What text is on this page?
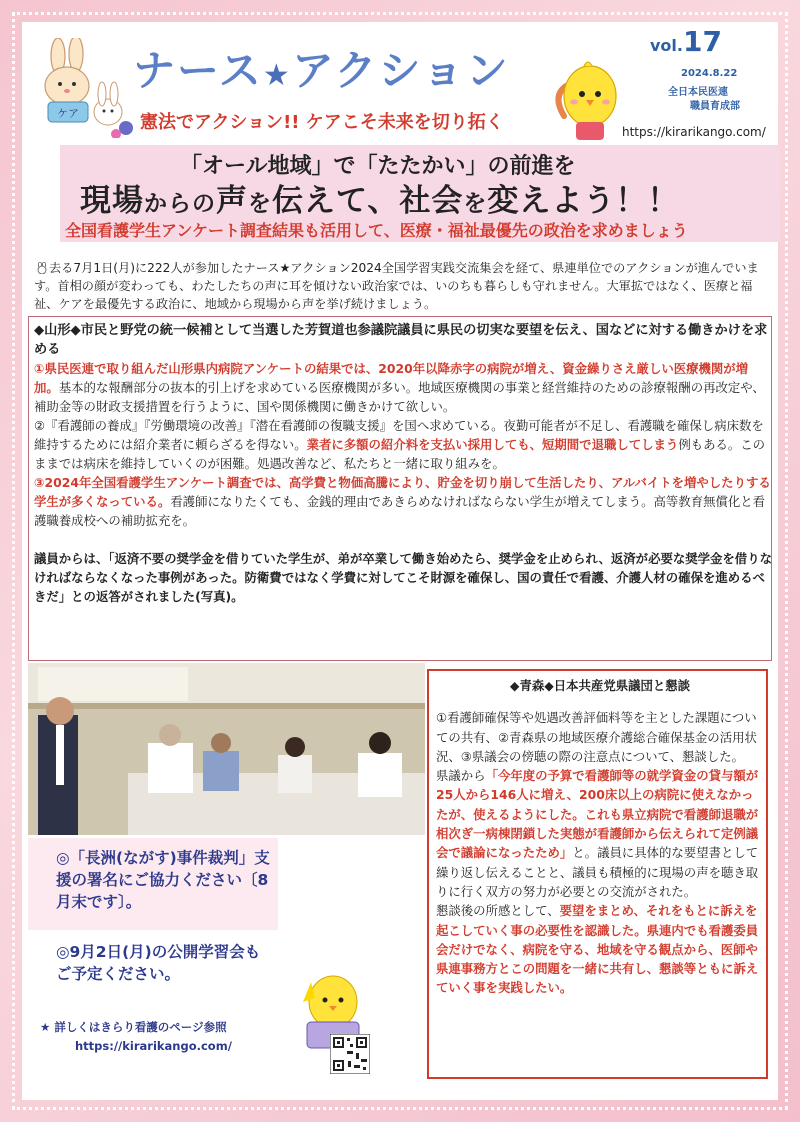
ケア
ナース★アクション
憲法でアクション!! ケアこそ未来を切り拓く
vol.17
2024.8.22
全日本民医連
職員育成部
https://kirarikango.com/
「オール地域」で「たたかい」の前進を
現場からの声を伝えて、社会を変えよう！！
全国看護学生アンケート調査結果も活用して、医療・福祉最優先の政治を求めましょう
去る7月1日(月)に222人が参加したナース★アクション2024全国学習実践交流集会を経て、県連単位でのアクションが進んでいます。首相の顔が変わっても、わたしたちの声に耳を傾けない政治家では、いのちも暮らしも守れません。大軍拡ではなく、医療と福祉、ケアを最優先する政治に、地域から現場から声を挙げ続けましょう。

◆山形◆市民と野党の統一候補として当選した芳賀道也参議院議員に県民の切実な要望を伝え、国などに対する働きかけを求める

①県民医連で取り組んだ山形県内病院アンケートの結果では、2020年以降赤字の病院が増え、資金繰りさえ厳しい医療機関が増加。基本的な報酬部分の抜本的引上げを求めている医療機関が多い。地域医療機関の事業と経営維持のための診療報酬の再改定や、補助金等の財政支援措置を行うように、国や関係機関に働きかけて欲しい。

②『看護師の養成』『労働環境の改善』『潜在看護師の復職支援』を国へ求めている。夜勤可能者が不足し、看護職を確保し病床数を維持するためには紹介業者に頼らざるを得ない。業者に多額の紹介料を支払い採用しても、短期間で退職してしまう例もある。このままでは病床を維持していくのが困難。処遇改善など、私たちと一緒に取り組みを。

③2024年全国看護学生アンケート調査では、高学費と物価高騰により、貯金を切り崩して生活したり、アルバイトを増やしたりする学生が多くなっている。看護師になりたくても、金銭的理由であきらめなければならない学生が増えてしまう。高等教育無償化と看護職養成校への補助拡充を。

議員からは、「返済不要の奨学金を借りていた学生が、弟が卒業して働き始めたら、奨学金を止められ、返済が必要な奨学金を借りなければならなくなった事例があった。防衛費ではなく学費に対してこそ財源を確保し、国の責任で看護、介護人材の確保を進めるべきだ」との返答がされました(写真)。

◆青森◆日本共産党県議団と懇談

①看護師確保等や処遇改善評価料等を主とした課題についての共有、②青森県の地域医療介護総合確保基金の活用状況、③県議会の傍聴の際の注意点について、懇談した。

県議から「今年度の予算で看護師等の就学資金の貸与額が25人から146人に増え、200床以上の病院に使えなかったが、使えるようにした。これも県立病院で看護師退職が相次ぎ一病棟閉鎖した実態が看護師から伝えられて定例議会で議論になったため」と。議員に具体的な要望書として繰り返し伝えることと、議員も積極的に現場の声を聴き取りに行く双方の努力が必要との交流がされた。

懇談後の所感として、要望をまとめ、それをもとに訴えを起こしていく事の必要性を認識した。県連内でも看護委員会だけでなく、病院を守る、地域を守る観点から、医師や県連事務方とこの問題を一緒に共有し、懇談等ともに訴えていく事を実践したい。

◎「長洲(ながす)事件裁判」支援の署名にご協力ください〔8月末です〕。
◎9月2日(月)の公開学習会もご予定ください。
★ 詳しくはきらり看護のページ参照
https://kirarikango.com/
